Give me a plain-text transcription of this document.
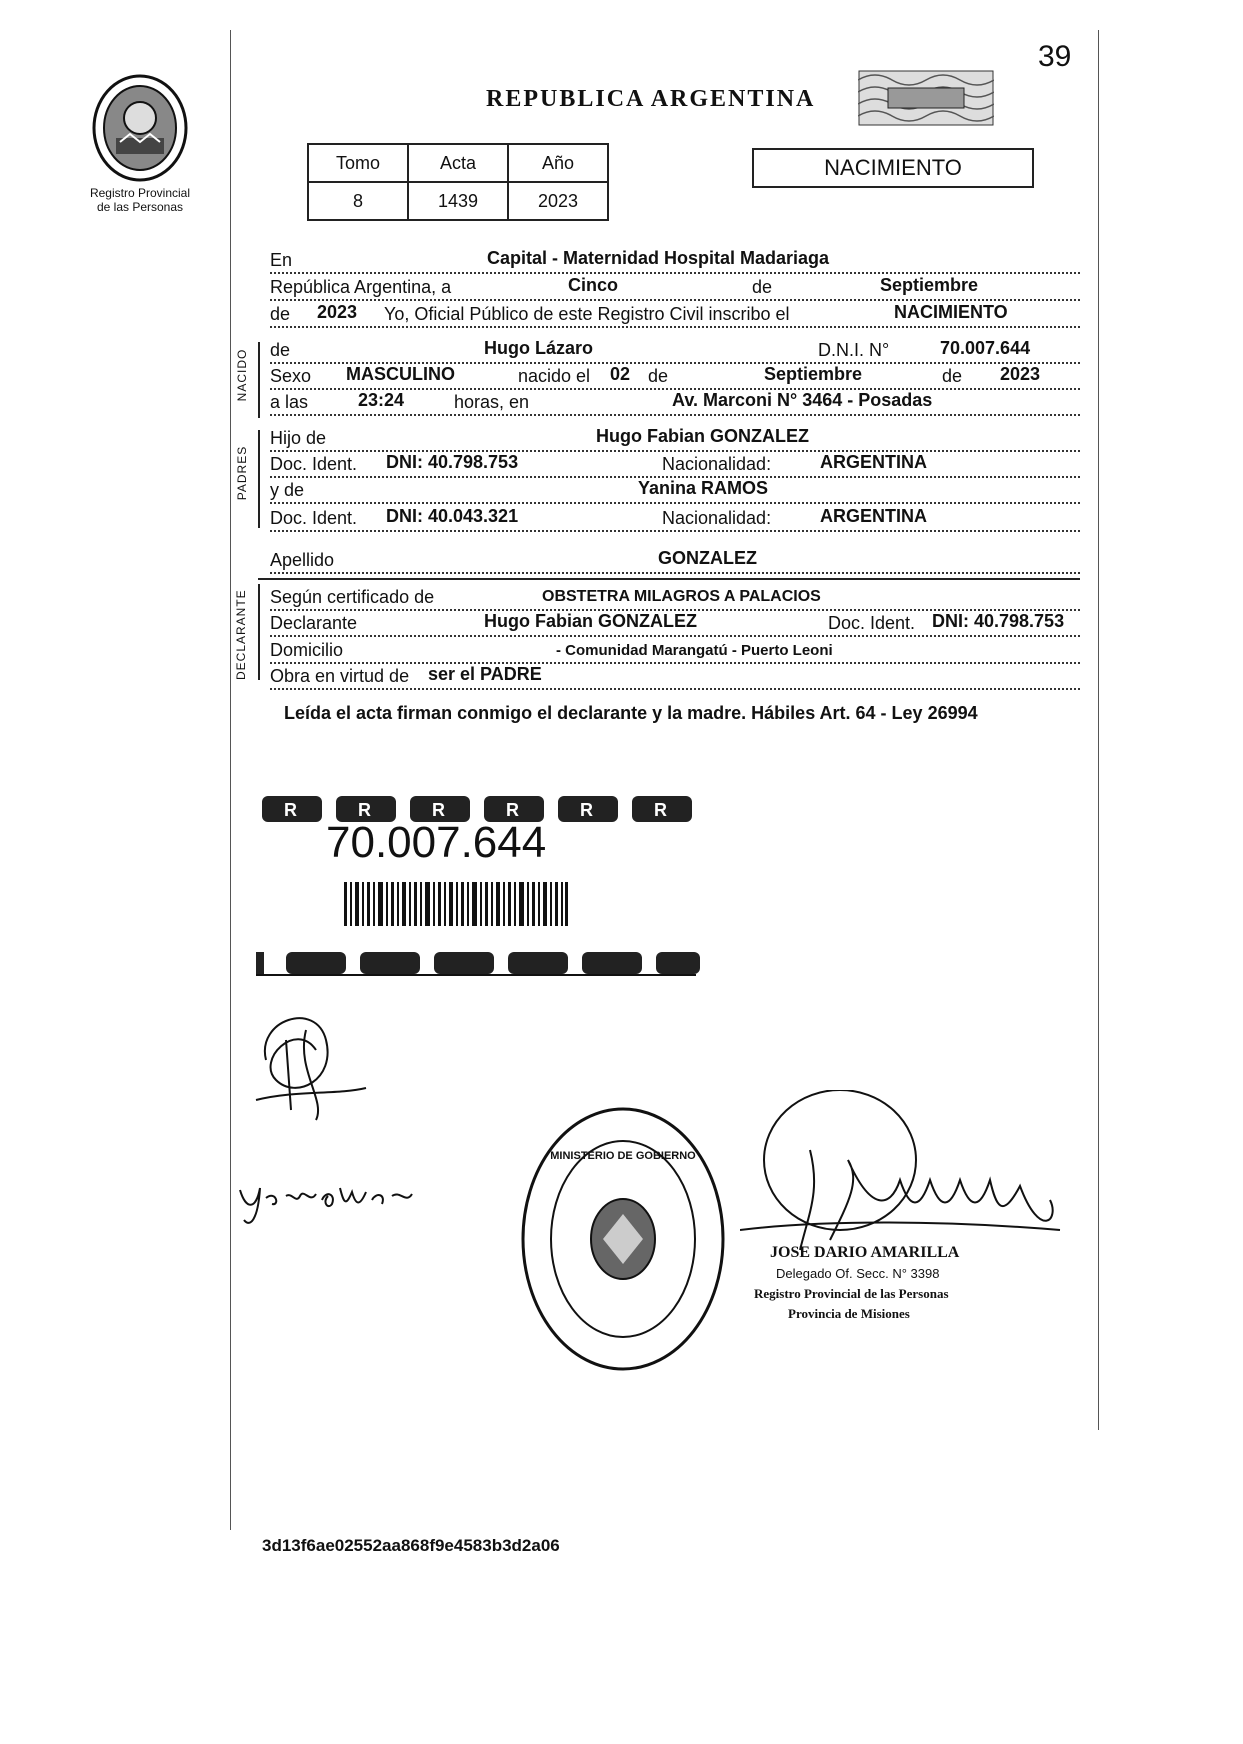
39
Registro Provincial
de las Personas
REPUBLICA ARGENTINA
Tomo	Acta	Año
8	1439	2023
NACIMIENTO
NACIDO
PADRES
DECLARANTE
En	Capital - Maternidad Hospital Madariaga
República Argentina, a	Cinco	de	Septiembre
de 2023 Yo, Oficial Público de este Registro Civil inscribo el	NACIMIENTO
de	Hugo Lázaro	D.N.I. N°	70.007.644
Sexo MASCULINO	nacido el 02 de	Septiembre	de 2023
a las	23:24	horas, en	Av. Marconi N° 3464 - Posadas
Hijo de	Hugo Fabian GONZALEZ
Doc. Ident. DNI: 40.798.753	Nacionalidad:	ARGENTINA
y de	Yanina RAMOS
Doc. Ident. DNI: 40.043.321	Nacionalidad:	ARGENTINA
Apellido	GONZALEZ
Según certificado de	OBSTETRA MILAGROS A PALACIOS
Declarante	Hugo Fabian GONZALEZ	Doc. Ident. DNI: 40.798.753
Domicilio	- Comunidad Marangatú - Puerto Leoni
Obra en virtud de ser el PADRE
Leída el acta firman conmigo el declarante y la madre. Hábiles Art. 64 - Ley 26994
R	R	R	R	R	R
70.007.644
MINISTERIO DE GOBIERNO
JOSE DARIO AMARILLA
Delegado Of. Secc. N° 3398
Registro Provincial de las Personas
Provincia de Misiones
3d13f6ae02552aa868f9e4583b3d2a06
